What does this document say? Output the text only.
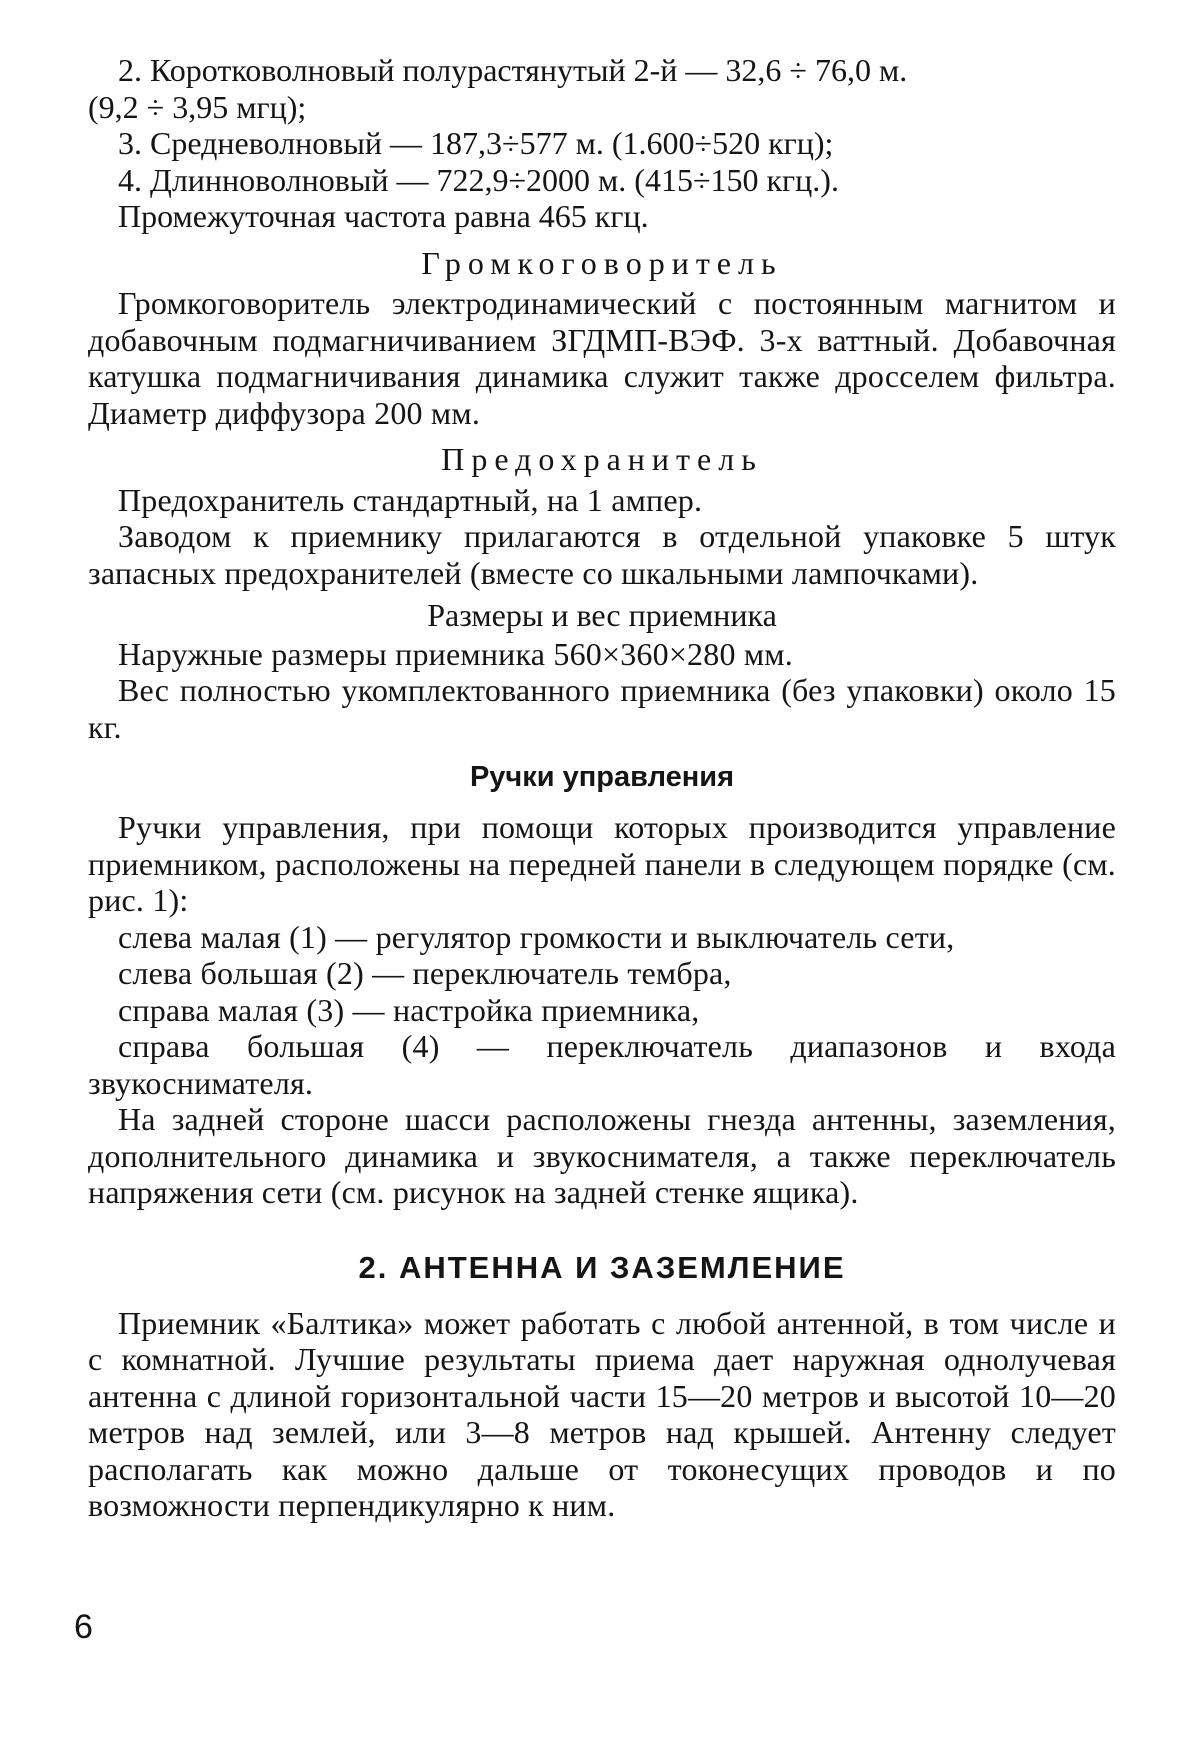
2. Коротковолновый полурастянутый 2-й — 32,6 ÷ 76,0 м.

(9,2 ÷ 3,95 мгц);

3. Средневолновый — 187,3÷577 м. (1.600÷520 кгц);

4. Длинноволновый — 722,9÷2000 м. (415÷150 кгц.).

Промежуточная частота равна 465 кгц.

Громкоговоритель

Громкоговоритель электродинамический с постоянным магнитом и добавочным подмагничиванием ЗГДМП-ВЭФ. 3-х ваттный. Добавочная катушка подмагничивания динамика служит также дросселем фильтра. Диаметр диффузора 200 мм.

Предохранитель

Предохранитель стандартный, на 1 ампер.

Заводом к приемнику прилагаются в отдельной упаковке 5 штук запасных предохранителей (вместе со шкальными лампочками).

Размеры и вес приемника

Наружные размеры приемника 560×360×280 мм.

Вес полностью укомплектованного приемника (без упаковки) около 15 кг.

Ручки управления

Ручки управления, при помощи которых производится управление приемником, расположены на передней панели в следующем порядке (см. рис. 1):

слева малая (1) — регулятор громкости и выключатель сети,

слева большая (2) — переключатель тембра,

справа малая (3) — настройка приемника,

справа большая (4) — переключатель диапазонов и входа звукоснимателя.

На задней стороне шасси расположены гнезда антенны, заземления, дополнительного динамика и звукоснимателя, а также переключатель напряжения сети (см. рисунок на задней стенке ящика).

2. АНТЕННА И ЗАЗЕМЛЕНИЕ

Приемник «Балтика» может работать с любой антенной, в том числе и с комнатной. Лучшие результаты приема дает наружная однолучевая антенна с длиной горизонтальной части 15—20 метров и высотой 10—20 метров над землей, или 3—8 метров над крышей. Антенну следует располагать как можно дальше от токонесущих проводов и по возможности перпендикулярно к ним.

6
